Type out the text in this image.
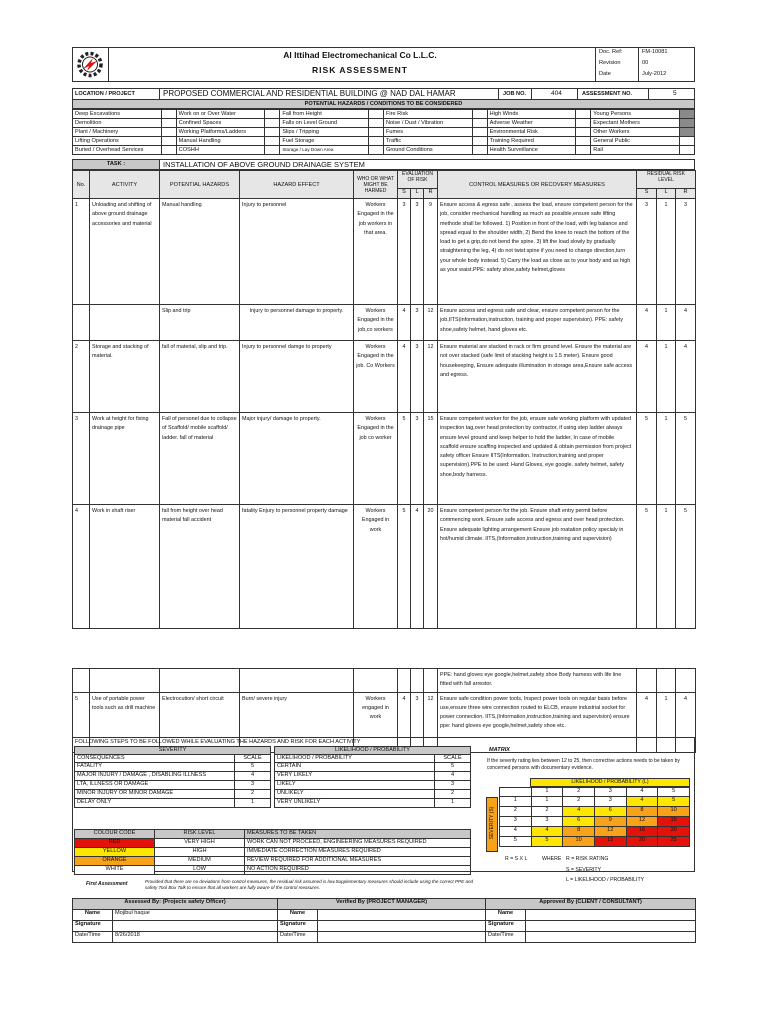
Al Ittihad Electromechanical Co L.L.C.
RISK ASSESSMENT
Doc. Ref:	FM-10081
Revision	00
Date	July-2012
LOCATION / PROJECT	PROPOSED COMMERCIAL AND RESIDENTIAL BUILDING @ NAD DAL HAMAR	JOB NO.	404	ASSESSMENT NO.	5
POTENTIAL HAZARDS / CONDITIONS TO BE CONSIDERED
Deep Excavations		Work on or Over Water		Fall from Height		Fire Risk		High Winds		Young Persons	
Demolition		Confined Spaces		Falls on Level Ground		Noise / Dust / Vibration		Adverse Weather		Expectant Mothers	
Plant / Machinery		Working Platforms/Ladders		Slips / Tripping		Fumes		Environmental Risk		Other Workers	
Lifting Operations		Manual Handling		Fuel Storage		Traffic		Training Required		General Public	
Buried / Overhead Services		COSHH		Storage / Lay Down Area		Ground Conditions		Health Surveillance		Rail	
TASK :	INSTALLATION OF ABOVE GROUND DRAINAGE SYSTEM
No.	ACTIVITY	POTENTIAL HAZARDS	HAZARD EFFECT	WHO OR WHAT MIGHT BE HARMED	EVALUATION OF RISK			CONTROL MEASURES OR RECOVERY MEASURES	RESIDUAL RISK LEVEL		
					S	L	R		S	L	R
1	Unloading and shifting of above ground drainage accessories and material	Manual handling	Injury to personnel	Workers Engaged in the job workers in that area.	3	3	9	Ensure access & egress safe , assess the load, ensure competent person for the job, consider mechanical handling as much as possible,ensure safe lifting methode shall be followed. 1) Position in front of the load, with leg balance and spread equal to the shoulder width, 2) Bend the knee to reach the bottom of the load to get a grip,do not bend the spine. 3) lift the load slowly by gradually straightening the leg, 4) do not twist spine if you need to change direction,turn your whole body instead. 5) Carry the load as close as to your body and as high as your waist.PPE: safety shoe,safety helmet,gloves	3	1	3
		Slip and trip	Injury to personnel damage to property.	Workers Engaged in the job,co workers	4	3	12	Ensure access and egress safe and clear, ensure competent person for the job,IITS(information,instruction, training and proper supervision). PPE: safety shoe,safety helmet, hand gloves etc.	4	1	4
2	Storage and stacking of material.	fall of material, slip and trip.	Injury to personnel damge to property	Workers Engaged in the job. Co Workers	4	3	12	Ensure material are stacked in rack or firm ground level. Ensure the material are not over stacked (safe limit of stacking height is 1.5 meter). Ensure good housekeeping, Ensure adequate illumination in storage area,Ensure safe access and egress.	4	1	4
3	Work at height for fixing drainage pipe	Fall of personel due to collapse of Scaffold/ mobile scaffold/ ladder. fall of material	Major injury/ damage to property.	Workers Engaged in the job co worker	5	3	15	Ensure competent worker for the job, ensure safe working platform with updated inspection tag,over head protection by contractor, if using step ladder always ensure level ground and keep helper to hold the ladder, In case of mobile scaffold ensure scaffing inspected and updated & obtain permission from project safety officer Ensure IITS(Information, Instruction,training and proper supervision).PPE to be used: Hand Gloves, eye google. safety helmet, safety shoe,body harness.	5	1	5
4	Work in shaft riser	fall from height over head material fall accident	fatality Enjury to personnel property damage	Workers Engaged in work	5	4	20	Ensure competent person for the job. Ensure shaft entry permit before commencing work. Ensure safe access and egress and over head protection. Ensure adequate lighting arrangement Ensure job roatation policy specialy in hot/humid climate. IITS,(Information,instruction,training and supervision)	5	1	5

								PPE: hand gloves eye google,helmet,safety shoe Body harness with life line fitted with fall arrestor.			
5	Use of portable power tools such as drill machine	Electrocution/ short circuit	Burn/ severe injury	Workers engaged in work	4	3	12	Ensure safe condition power tools, Inspect power tools on regular basis before use,ensure three wire connection routed to ELCB, ensure industrial socket for power connection. IITS,(Information,instruction,training and supervision) ensure ppe: hand gloves eye google,helmet,safety shoe etc.	4	1	4
FOLLOWING STEPS TO BE FOLLOWED WHILE EVALUATING THE HAZARDS AND RISK FOR EACH ACTIVITY
SEVERITY	
CONSEQUENCES	SCALE
FATALITY	5
MAJOR INJURY / DAMAGE , DISABLING ILLNESS	4
LTA, ILLNESS OR DAMAGE	3
MINOR INJURY OR MINOR DAMAGE	2
DELAY ONLY	1
LIKELIHOOD / PROBABILITY	
LIKELIHOOD / PROBABILITY	SCALE
CERTAIN	5
VERY LIKELY	4
LIKELY	3
UNLIKELY	2
VERY UNLIKELY	1
COLOUR CODE	RISK LEVEL	MEASURES TO BE TAKEN
RED	VERY HIGH	WORK CAN NOT PROCEED, ENGINEERING MEASURES REQUIRED
YELLOW	HIGH	IMMEDIATE CORRECTION MEASURES REQUIRED
ORANGE	MEDIUM	REVIEW REQUIRED FOR ADDITIONAL MEASURES
WHITE	LOW	NO ACTION REQUIRED
First Assessment	Provided that there are no deviations from control measures, the residual risk assumed is low.Supplementary measures should include using the correct PPE and safety Tool Box Talk to ensure that all workers are fully aware of the control measures.
MATRIX
If the severity rating lies between 12 to 25, then corrective actions needs to be taken by concerned persons with documentary evidence.
LIKELIHOOD / PROBABILITY (L)
SEVERITY (S)
	1	2	3	4	5
1	1	2	3	4	5
2	2	4	6	8	10
3	3	6	9	12	15
4	4	8	12	16	20
5	5	10	15	20	25
R = S X L	WHERE R = RISK RATING
S = SEVERITY
L = LIKELIHOOD / PROBABILITY
Assessed By: (Projects safety Officer)		Verified By (PROJECT MANAGER)		Approved By (CLIENT / CONSULTANT)	
Name	Mojibul haque	Name		Name	
Signature		Signature		Signature	
Date/Time	8/26/2018	Date/Time		Date/Time	
